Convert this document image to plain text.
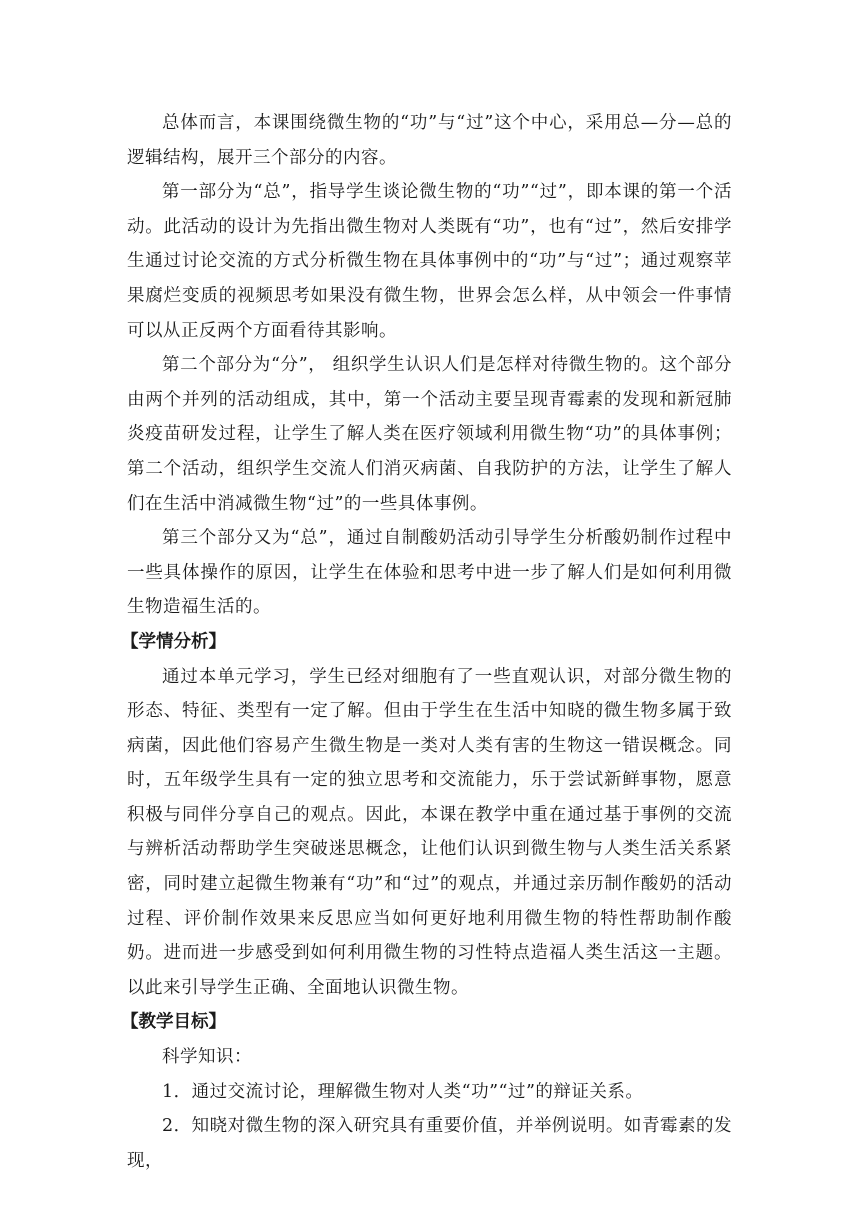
总体而言，本课围绕微生物的“功”与“过”这个中心，采用总—分—总的逻辑结构，展开三个部分的内容。

第一部分为“总”，指导学生谈论微生物的“功”“过”，即本课的第一个活动。此活动的设计为先指出微生物对人类既有“功”，也有“过”，然后安排学生通过讨论交流的方式分析微生物在具体事例中的“功”与“过”；通过观察苹果腐烂变质的视频思考如果没有微生物，世界会怎么样，从中领会一件事情可以从正反两个方面看待其影响。

第二个部分为“分”， 组织学生认识人们是怎样对待微生物的。这个部分由两个并列的活动组成，其中，第一个活动主要呈现青霉素的发现和新冠肺炎疫苗研发过程，让学生了解人类在医疗领域利用微生物“功”的具体事例；第二个活动，组织学生交流人们消灭病菌、自我防护的方法，让学生了解人们在生活中消减微生物“过”的一些具体事例。

第三个部分又为“总”，通过自制酸奶活动引导学生分析酸奶制作过程中一些具体操作的原因，让学生在体验和思考中进一步了解人们是如何利用微生物造福生活的。

【学情分析】

通过本单元学习，学生已经对细胞有了一些直观认识，对部分微生物的形态、特征、类型有一定了解。但由于学生在生活中知晓的微生物多属于致病菌，因此他们容易产生微生物是一类对人类有害的生物这一错误概念。同时，五年级学生具有一定的独立思考和交流能力，乐于尝试新鲜事物，愿意积极与同伴分享自己的观点。因此，本课在教学中重在通过基于事例的交流与辨析活动帮助学生突破迷思概念，让他们认识到微生物与人类生活关系紧密，同时建立起微生物兼有“功”和“过”的观点，并通过亲历制作酸奶的活动过程、评价制作效果来反思应当如何更好地利用微生物的特性帮助制作酸奶。进而进一步感受到如何利用微生物的习性特点造福人类生活这一主题。以此来引导学生正确、全面地认识微生物。

【教学目标】

科学知识：

1．通过交流讨论，理解微生物对人类“功”“过”的辩证关系。

2．知晓对微生物的深入研究具有重要价值，并举例说明。如青霉素的发现，
